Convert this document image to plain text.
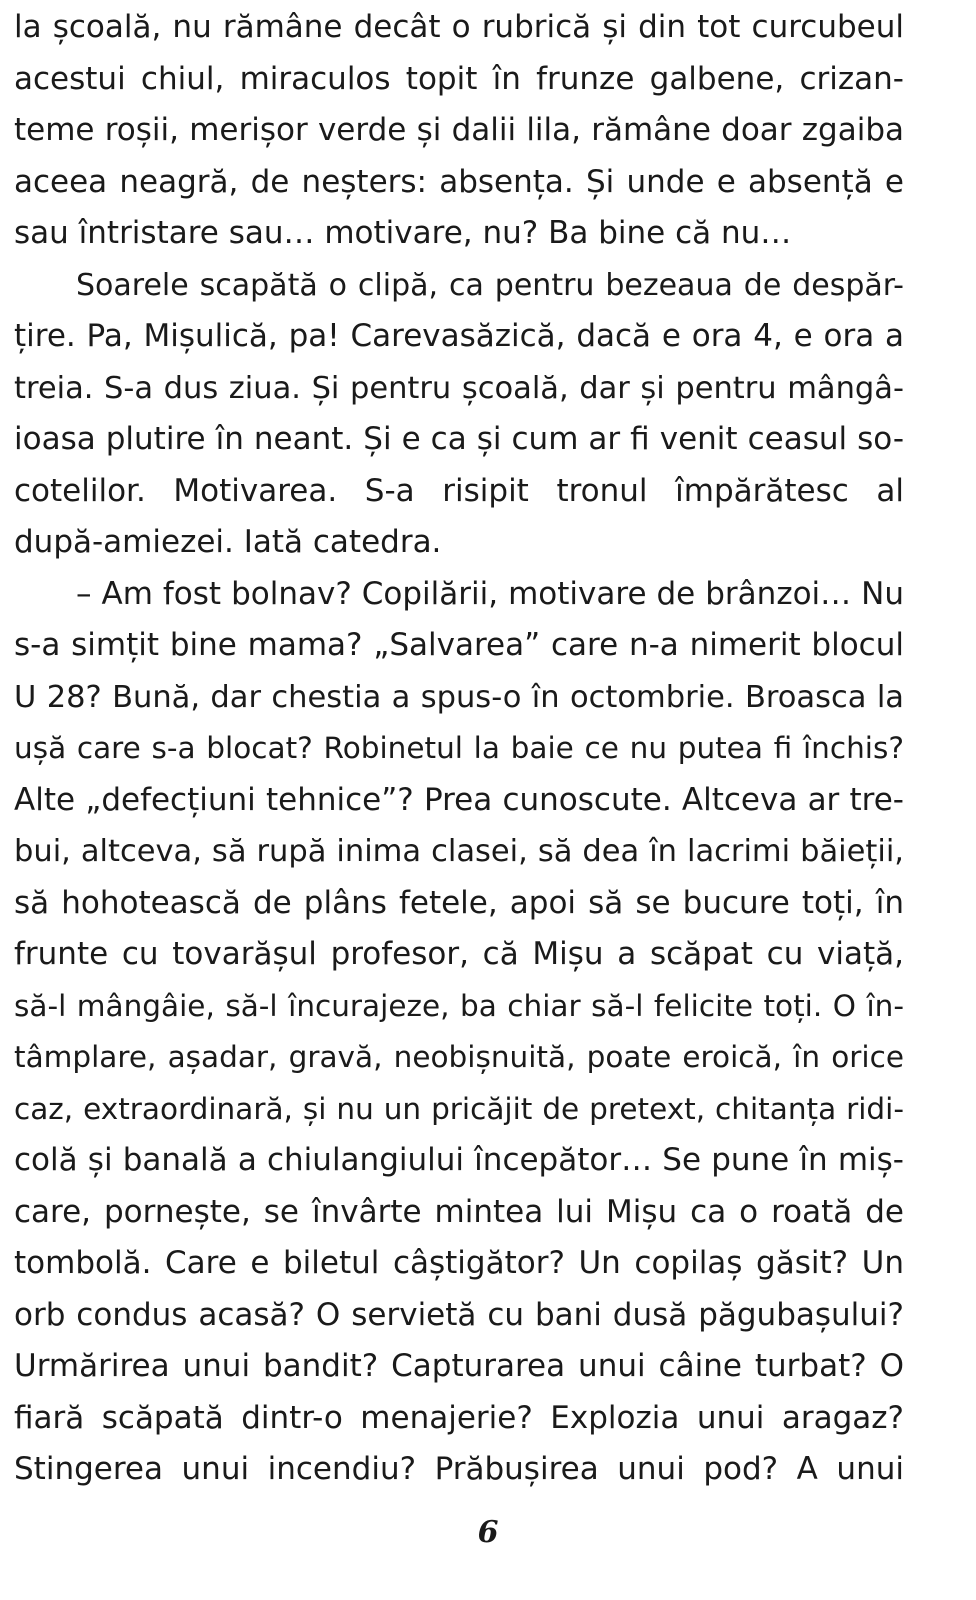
la școală, nu rămâne decât o rubrică și din tot curcubeul
acestui chiul, miraculos topit în frunze galbene, crizan-
teme roșii, merișor verde și dalii lila, rămâne doar zgaiba
aceea neagră, de neșters: absența. Și unde e absență e
sau întristare sau… motivare, nu? Ba bine că nu…
Soarele scapătă o clipă, ca pentru bezeaua de despăr-
țire. Pa, Mișulică, pa! Carevasăzică, dacă e ora 4, e ora a
treia. S-a dus ziua. Și pentru școală, dar și pentru mângâ-
ioasa plutire în neant. Și e ca și cum ar fi venit ceasul so-
cotelilor. Motivarea. S-a risipit tronul împărătesc al
după-amiezei. Iată catedra.
– Am fost bolnav? Copilării, motivare de brânzoi… Nu
s-a simțit bine mama? „Salvarea” care n-a nimerit blocul
U 28? Bună, dar chestia a spus-o în octombrie. Broasca la
ușă care s-a blocat? Robinetul la baie ce nu putea fi închis?
Alte „defecțiuni tehnice”? Prea cunoscute. Altceva ar tre-
bui, altceva, să rupă inima clasei, să dea în lacrimi băieții,
să hohotească de plâns fetele, apoi să se bucure toți, în
frunte cu tovarășul profesor, că Mișu a scăpat cu viață,
să-l mângâie, să-l încurajeze, ba chiar să-l felicite toți. O în-
tâmplare, așadar, gravă, neobișnuită, poate eroică, în orice
caz, extraordinară, și nu un pricăjit de pretext, chitanța ridi-
colă și banală a chiulangiului începător… Se pune în miș-
care, pornește, se învârte mintea lui Mișu ca o roată de
tombolă. Care e biletul câștigător? Un copilaș găsit? Un
orb condus acasă? O servietă cu bani dusă păgubașului?
Urmărirea unui bandit? Capturarea unui câine turbat? O
fiară scăpată dintr-o menajerie? Explozia unui aragaz?
Stingerea unui incendiu? Prăbușirea unui pod? A unui
6
